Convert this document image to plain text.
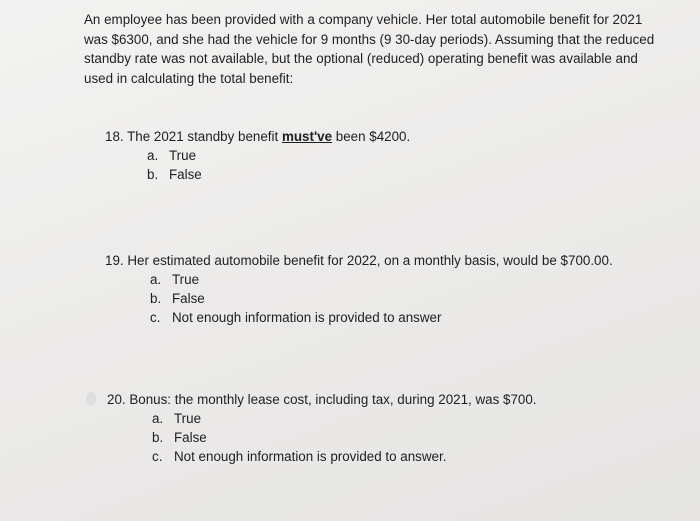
An employee has been provided with a company vehicle. Her total automobile benefit for 2021 was $6300, and she had the vehicle for 9 months (9 30-day periods). Assuming that the reduced standby rate was not available, but the optional (reduced) operating benefit was available and used in calculating the total benefit:

18. The 2021 standby benefit must've been $4200.
a. True
b. False
19. Her estimated automobile benefit for 2022, on a monthly basis, would be $700.00.
a. True
b. False
c. Not enough information is provided to answer
20. Bonus: the monthly lease cost, including tax, during 2021, was $700.
a. True
b. False
c. Not enough information is provided to answer.
